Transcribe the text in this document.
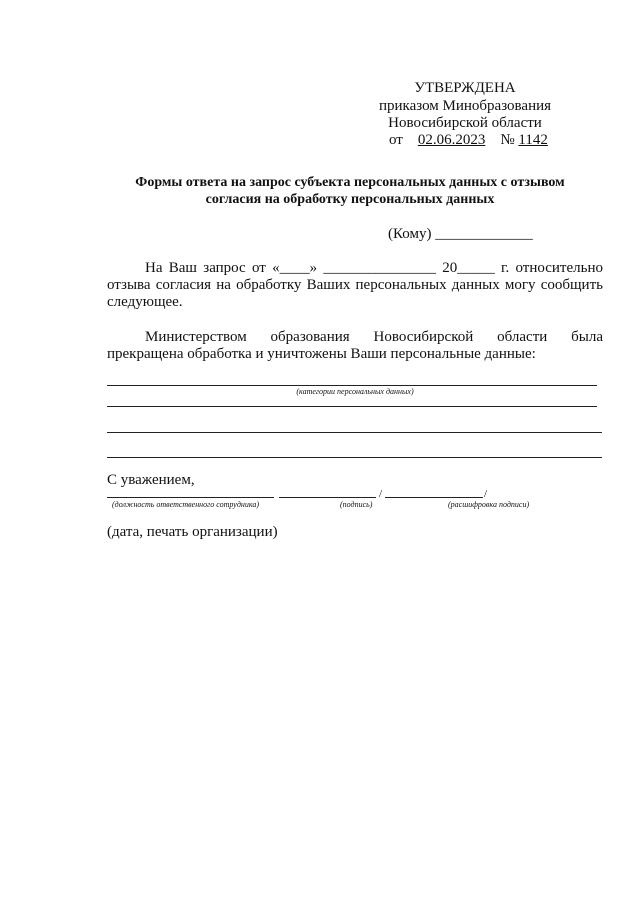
УТВЕРЖДЕНА
приказом Минобразования
Новосибирской области
от 02.06.2023 № 1142
Формы ответа на запрос субъекта персональных данных с отзывом
согласия на обработку персональных данных
(Кому) _____________
На Ваш запрос от «____» _______________ 20_____ г. относительно
отзыва согласия на обработку Ваших персональных данных могу сообщить
следующее.
Министерством образования Новосибирской области была
прекращена обработка и уничтожены Ваши персональные данные:
(категории персональных данных)
С уважением,
/	/
(должность ответственного сотрудника)	(подпись)	(расшифровка подписи)
(дата, печать организации)
